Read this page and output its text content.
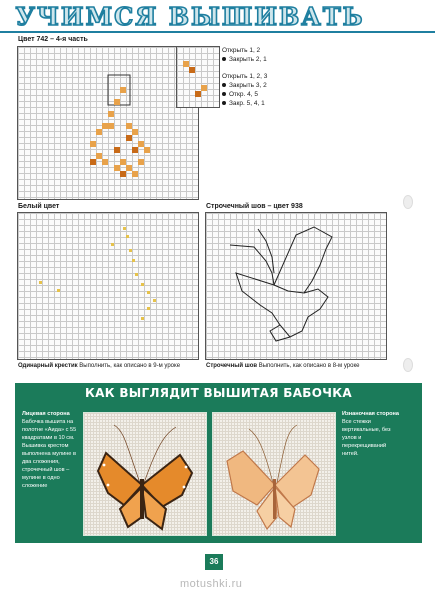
УЧИМСЯ ВЫШИВАТЬ
Цвет 742 – 4-я часть
Открыть 1, 2
Закрыть 2, 1
Открыть 1, 2, 3
Закрыть 3, 2
Откр. 4, 5
Закр. 5, 4, 1
Белый цвет
Одинарный крестик Выполнить, как описано в 9-м уроке
Строчечный шов – цвет 938
Строчечный шов Выполнить, как описано в 8-м уроке
КАК ВЫГЛЯДИТ ВЫШИТАЯ БАБОЧКА
Лицевая сторона
Бабочка вышита на полотне «Аида» с 55 квадратами в 10 см. Вышивка крестом выполнена мулине в два сложения, строчечный шов – мулине в одно сложение
Изнаночная сторона
Все стежки вертикальные, без узлов и перекрещиваний нитей.
36
motushki.ru
